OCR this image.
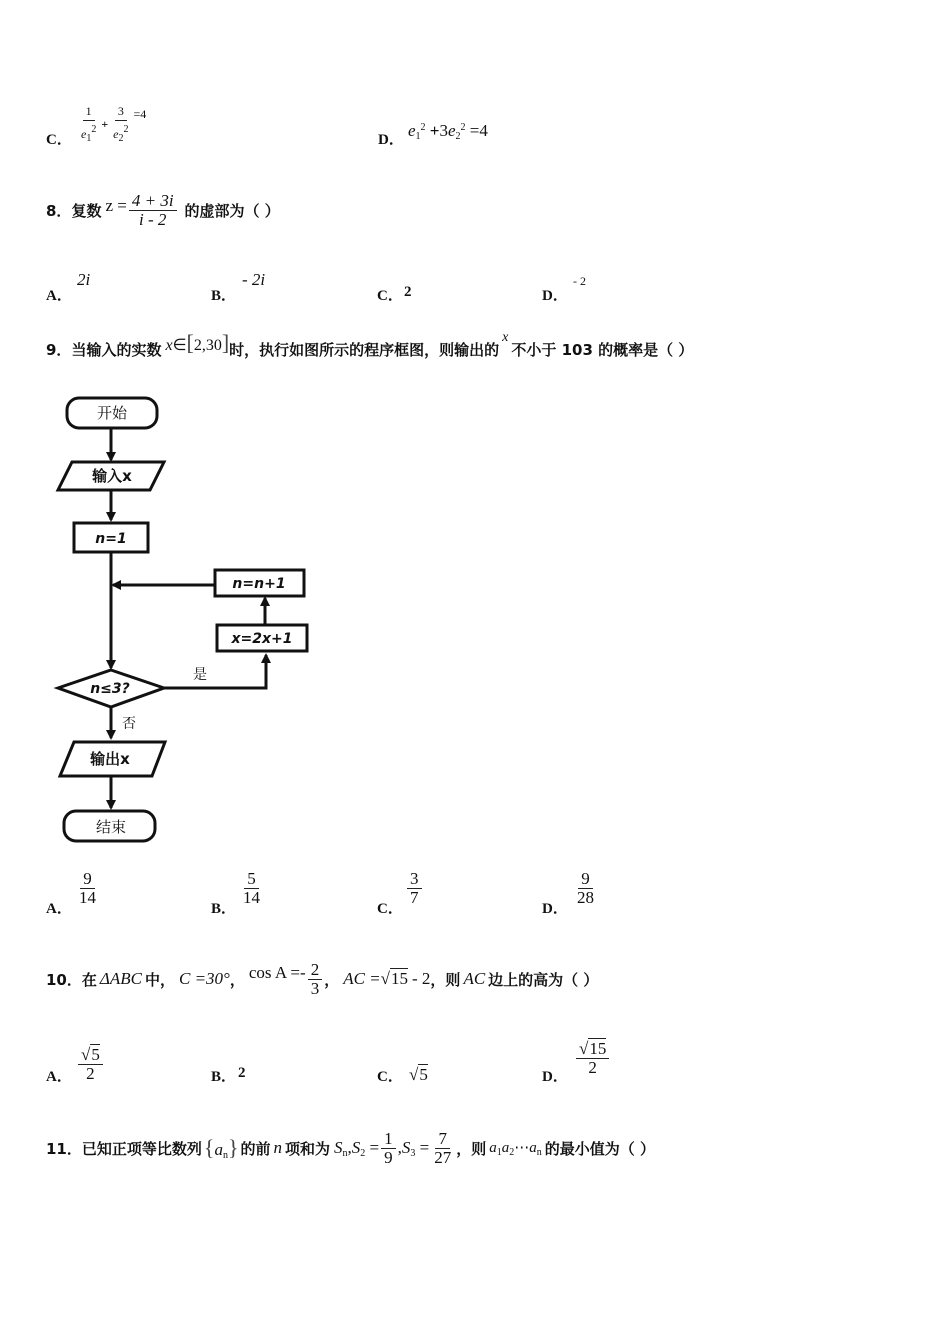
C． $\frac{1}{e_1^2} + \frac{3}{e_2^2} =4$
D． $e_1^2 +3e_2^2 =4$
8． 复数 $z = \frac{4 + 3i}{i - 2}$ 的虚部为（ ）
A．
2i
B．
- 2i
C． 2	D．
- 2
9． 当输入的实数 x∈[2,30] 时，执行如图所示的程序框图，则输出的
x
不小于 103 的概率是（ ）
开始
输入x
n=1
n=n+1
x=2x+1
n≤3?
是
否
输出x
结束
A．
$\frac{9}{14}$
B．
$\frac{5}{14}$
C．
$\frac{3}{7}$
D．
$\frac{9}{28}$
10． 在 ΔABC 中， C =30° ， $\cos A =- \frac{2}{3}$ ， AC = √15 - 2 ，则 AC 边上的高为（ ）
A． $\frac{√5}{2}$	B． 2	C． √5	D． $\frac{√15}{2}$
11． 已知正项等比数列 $\{a_n\}$ 的前 n 项和为 $S_n,S_2 = \frac{1}{9} ,S_3 = \frac{7}{27}$ ，则 $a_1a_2\cdots a_n$ 的最小值为（ ）
